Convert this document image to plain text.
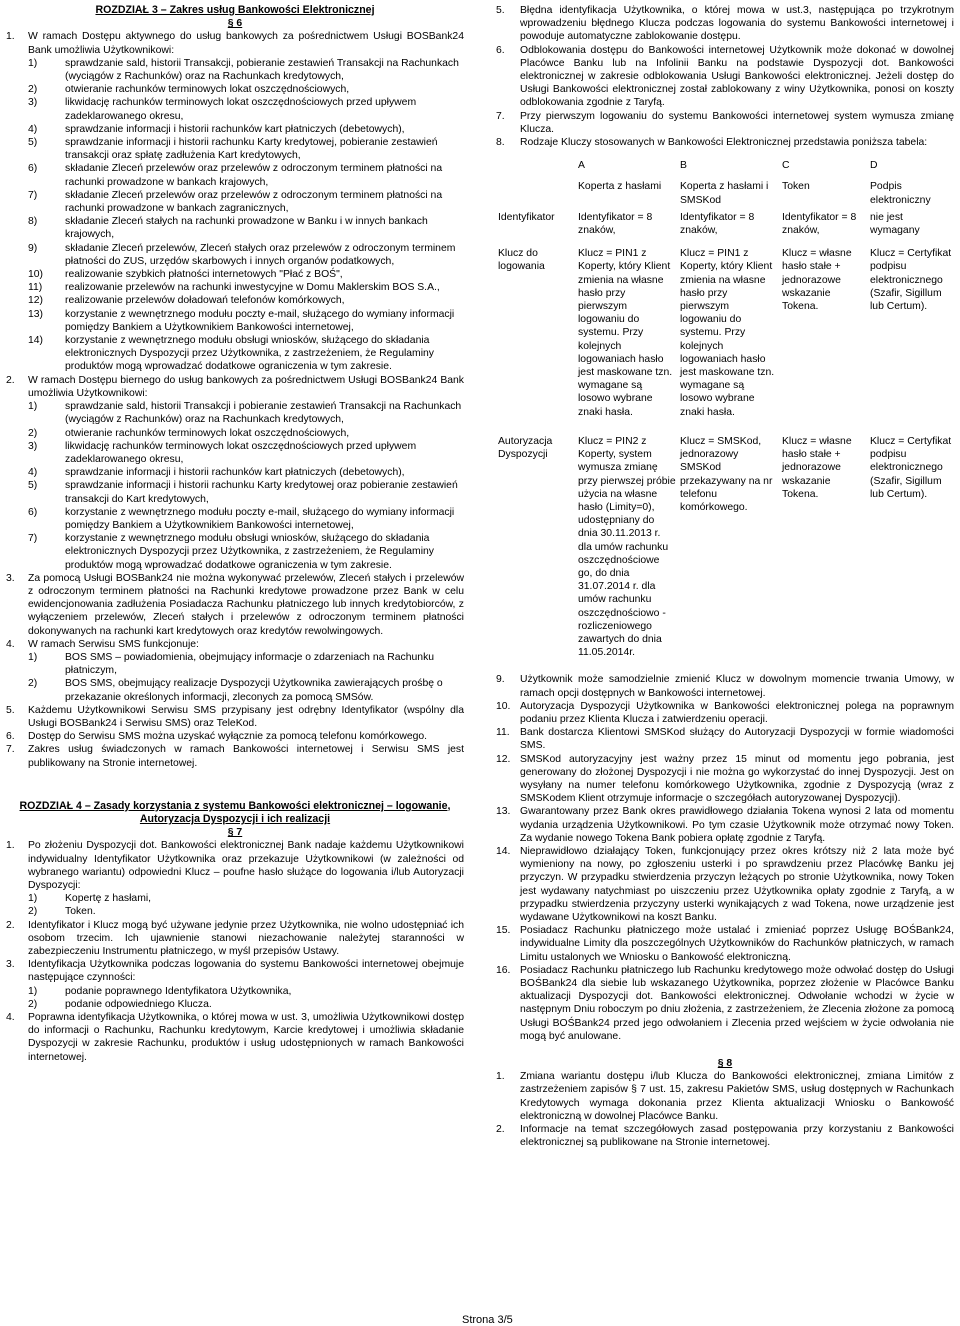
ROZDZIAŁ 3 – Zakres usług Bankowości Elektronicznej
§ 6
1. W ramach Dostępu aktywnego do usług bankowych za pośrednictwem Usługi BOSBank24 Bank umożliwia Użytkownikowi:
1)	sprawdzanie sald, historii Transakcji, pobieranie zestawień Transakcji na Rachunkach (wyciągów z Rachunków) oraz na Rachunkach kredytowych,
2)	otwieranie rachunków terminowych lokat oszczędnościowych,
3)	likwidację rachunków terminowych lokat oszczędnościowych przed upływem zadeklarowanego okresu,
4)	sprawdzanie informacji i historii rachunków kart płatniczych (debetowych),
5)	sprawdzanie informacji i historii rachunku Karty kredytowej, pobieranie zestawień transakcji oraz spłatę zadłużenia Kart kredytowych,
6)	składanie Zleceń przelewów oraz przelewów z odroczonym terminem płatności na rachunki prowadzone w bankach krajowych,
7)	składanie Zleceń przelewów oraz przelewów z odroczonym terminem płatności na rachunki prowadzone w bankach zagranicznych,
8)	składanie Zleceń stałych na rachunki prowadzone w Banku i w innych bankach krajowych,
9)	składanie Zleceń przelewów, Zleceń stałych oraz przelewów z odroczonym terminem płatności do ZUS, urzędów skarbowych i innych organów podatkowych,
10) realizowanie szybkich płatności internetowych "Płać z BOŚ",
11) realizowanie przelewów na rachunki inwestycyjne w Domu Maklerskim BOS S.A.,
12) realizowanie przelewów doładowań telefonów komórkowych,
13) korzystanie z wewnętrznego modułu poczty e-mail, służącego do wymiany informacji pomiędzy Bankiem a Użytkownikiem Bankowości internetowej,
14) korzystanie z wewnętrznego modułu obsługi wniosków, służącego do składania elektronicznych Dyspozycji przez Użytkownika, z zastrzeżeniem, że Regulaminy produktów mogą wprowadzać dodatkowe ograniczenia w tym zakresie.
2. W ramach Dostępu biernego do usług bankowych za pośrednictwem Usługi BOSBank24 Bank umożliwia Użytkownikowi:
1)	sprawdzanie sald, historii Transakcji i pobieranie zestawień Transakcji na Rachunkach (wyciągów z Rachunków) oraz na Rachunkach kredytowych,
2)	otwieranie rachunków terminowych lokat oszczędnościowych,
3)	likwidację rachunków terminowych lokat oszczędnościowych przed upływem zadeklarowanego okresu,
4)	sprawdzanie informacji i historii rachunków kart płatniczych (debetowych),
5)	sprawdzanie informacji i historii rachunku Karty kredytowej oraz pobieranie zestawień transakcji do Kart kredytowych,
6)	korzystanie z wewnętrznego modułu poczty e-mail, służącego do wymiany informacji pomiędzy Bankiem a Użytkownikiem Bankowości internetowej,
7)	korzystanie z wewnętrznego modułu obsługi wniosków, służącego do składania elektronicznych Dyspozycji przez Użytkownika, z zastrzeżeniem, że Regulaminy produktów mogą wprowadzać dodatkowe ograniczenia w tym zakresie.
3. Za pomocą Usługi BOSBank24 nie można wykonywać przelewów, Zleceń stałych i przelewów z odroczonym terminem płatności na Rachunki kredytowe prowadzone przez Bank w celu ewidencjonowania zadłużenia Posiadacza Rachunku płatniczego lub innych kredytobiorców, z wyłączeniem przelewów, Zleceń stałych i przelewów z odroczonym terminem płatności dokonywanych na rachunki kart kredytowych oraz kredytów rewolwingowych.
4. W ramach Serwisu SMS funkcjonuje:
1)	BOS SMS – powiadomienia, obejmujący informacje o zdarzeniach na Rachunku płatniczym,
2)	BOS SMS, obejmujący realizacje Dyspozycji Użytkownika zawierających prośbę o przekazanie określonych informacji, zleconych za pomocą SMSów.
5. Każdemu Użytkownikowi Serwisu SMS przypisany jest odrębny Identyfikator (wspólny dla Usługi BOSBank24 i Serwisu SMS) oraz TeleKod.
6. Dostęp do Serwisu SMS można uzyskać wyłącznie za pomocą telefonu komórkowego.
7. Zakres usług świadczonych w ramach Bankowości internetowej i Serwisu SMS jest publikowany na Stronie internetowej.
ROZDZIAŁ 4 – Zasady korzystania z systemu Bankowości elektronicznej – logowanie,
Autoryzacja Dyspozycji i ich realizacji
§ 7
1. Po złożeniu Dyspozycji dot. Bankowości elektronicznej Bank nadaje każdemu Użytkownikowi indywidualny Identyfikator Użytkownika oraz przekazuje Użytkownikowi (w zależności od wybranego wariantu) odpowiedni Klucz – poufne hasło służące do logowania i/lub Autoryzacji Dyspozycji:
1)	Kopertę z hasłami,
2)	Token.
2. Identyfikator i Klucz mogą być używane jedynie przez Użytkownika, nie wolno udostępniać ich osobom trzecim. Ich ujawnienie stanowi niezachowanie należytej staranności w zabezpieczeniu Instrumentu płatniczego, w myśl przepisów Ustawy.
3. Identyfikacja Użytkownika podczas logowania do systemu Bankowości internetowej obejmuje następujące czynności:
1)	podanie poprawnego Identyfikatora Użytkownika,
2)	podanie odpowiedniego Klucza.
4. Poprawna identyfikacja Użytkownika, o której mowa w ust. 3, umożliwia Użytkownikowi dostęp do informacji o Rachunku, Rachunku kredytowym, Karcie kredytowej i umożliwia składanie Dyspozycji w zakresie Rachunku, produktów i usług udostępnionych w ramach Bankowości internetowej.
5. Błędna identyfikacja Użytkownika, o której mowa w ust.3, następująca po trzykrotnym wprowadzeniu błędnego Klucza podczas logowania do systemu Bankowości internetowej i powoduje automatyczne zablokowanie dostępu.
6. Odblokowania dostępu do Bankowości internetowej Użytkownik może dokonać w dowolnej Placówce Banku lub na Infolinii Banku na podstawie Dyspozycji dot. Bankowości elektronicznej w zakresie odblokowania Usługi Bankowości elektronicznej. Jeżeli dostęp do Usługi Bankowości elektronicznej został zablokowany z winy Użytkownika, ponosi on koszty odblokowania zgodnie z Taryfą.
7. Przy pierwszym logowaniu do systemu Bankowości internetowej system wymusza zmianę Klucza.
8. Rodzaje Kluczy stosowanych w Bankowości Elektronicznej przedstawia poniższa tabela:
	A	B	C	D
	Koperta z hasłami	Koperta z hasłami i SMSKod	Token	Podpis elektroniczny
Identyfikator	Identyfikator = 8 znaków,	Identyfikator = 8 znaków,	Identyfikator = 8 znaków,	nie jest wymagany
Klucz do logowania	Klucz = PIN1 z Koperty, który Klient zmienia na własne hasło przy pierwszym logowaniu do systemu. Przy kolejnych logowaniach hasło jest maskowane tzn. wymagane są losowo wybrane znaki hasła.	Klucz = PIN1 z Koperty, który Klient zmienia na własne hasło przy pierwszym logowaniu do systemu. Przy kolejnych logowaniach hasło jest maskowane tzn. wymagane są losowo wybrane znaki hasła.	Klucz = własne hasło stałe + jednorazowe wskazanie Tokena.	Klucz = Certyfikat podpisu elektronicznego (Szafir, Sigillum lub Certum).
Autoryzacja Dyspozycji	Klucz = PIN2 z Koperty, system wymusza zmianę przy pierwszej próbie użycia na własne hasło (Limity=0), udostępniany do dnia 30.11.2013 r. dla umów rachunku oszczędnościowe go, do dnia 31.07.2014 r. dla umów rachunku oszczędnościowo -rozliczeniowego zawartych do dnia 11.05.2014r.	Klucz = SMSKod, jednorazowy SMSKod przekazywany na nr telefonu komórkowego.	Klucz = własne hasło stałe + jednorazowe wskazanie Tokena.	Klucz = Certyfikat podpisu elektronicznego (Szafir, Sigillum lub Certum).
9. Użytkownik może samodzielnie zmienić Klucz w dowolnym momencie trwania Umowy, w ramach opcji dostępnych w Bankowości internetowej.
10. Autoryzacja Dyspozycji Użytkownika w Bankowości elektronicznej polega na poprawnym podaniu przez Klienta Klucza i zatwierdzeniu operacji.
11. Bank dostarcza Klientowi SMSKod służący do Autoryzacji Dyspozycji w formie wiadomości SMS.
12. SMSKod autoryzacyjny jest ważny przez 15 minut od momentu jego pobrania, jest generowany do złożonej Dyspozycji i nie można go wykorzystać do innej Dyspozycji. Jest on wysyłany na numer telefonu komórkowego Użytkownika, zgodnie z Dyspozycją (wraz z SMSKodem Klient otrzymuje informacje o szczegółach autoryzowanej Dyspozycji).
13. Gwarantowany przez Bank okres prawidłowego działania Tokena wynosi 2 lata od momentu wydania urządzenia Użytkownikowi. Po tym czasie Użytkownik może otrzymać nowy Token. Za wydanie nowego Tokena Bank pobiera opłatę zgodnie z Taryfą.
14. Nieprawidłowo działający Token, funkcjonujący przez okres krótszy niż 2 lata może być wymieniony na nowy, po zgłoszeniu usterki i po sprawdzeniu przez Placówkę Banku jej przyczyn. W przypadku stwierdzenia przyczyn leżących po stronie Użytkownika, nowy Token jest wydawany natychmiast po uiszczeniu przez Użytkownika opłaty zgodnie z Taryfą, a w przypadku stwierdzenia przyczyny usterki wynikających z wad Tokena, nowe urządzenie jest wydawane Użytkownikowi na koszt Banku.
15. Posiadacz Rachunku płatniczego może ustalać i zmieniać poprzez Usługę BOŚBank24, indywidualne Limity dla poszczególnych Użytkowników do Rachunków płatniczych, w ramach Limitu ustalonych we Wniosku o Bankowość elektroniczną.
16. Posiadacz Rachunku płatniczego lub Rachunku kredytowego może odwołać dostęp do Usługi BOŚBank24 dla siebie lub wskazanego Użytkownika, poprzez złożenie w Placówce Banku aktualizacji Dyspozycji dot. Bankowości elektronicznej. Odwołanie wchodzi w życie w następnym Dniu roboczym po dniu złożenia, z zastrzeżeniem, że Zlecenia złożone za pomocą Usługi BOŚBank24 przed jego odwołaniem i Zlecenia przed wejściem w życie odwołania nie mogą być anulowane.
§ 8
1. Zmiana wariantu dostępu i/lub Klucza do Bankowości elektronicznej, zmiana Limitów z zastrzeżeniem zapisów § 7 ust. 15, zakresu Pakietów SMS, usług dostępnych w Rachunkach Kredytowych wymaga dokonania przez Klienta aktualizacji Wniosku o Bankowość elektroniczną w dowolnej Placówce Banku.
2. Informacje na temat szczegółowych zasad postępowania przy korzystaniu z Bankowości elektronicznej są publikowane na Stronie internetowej.
Strona 3/5
